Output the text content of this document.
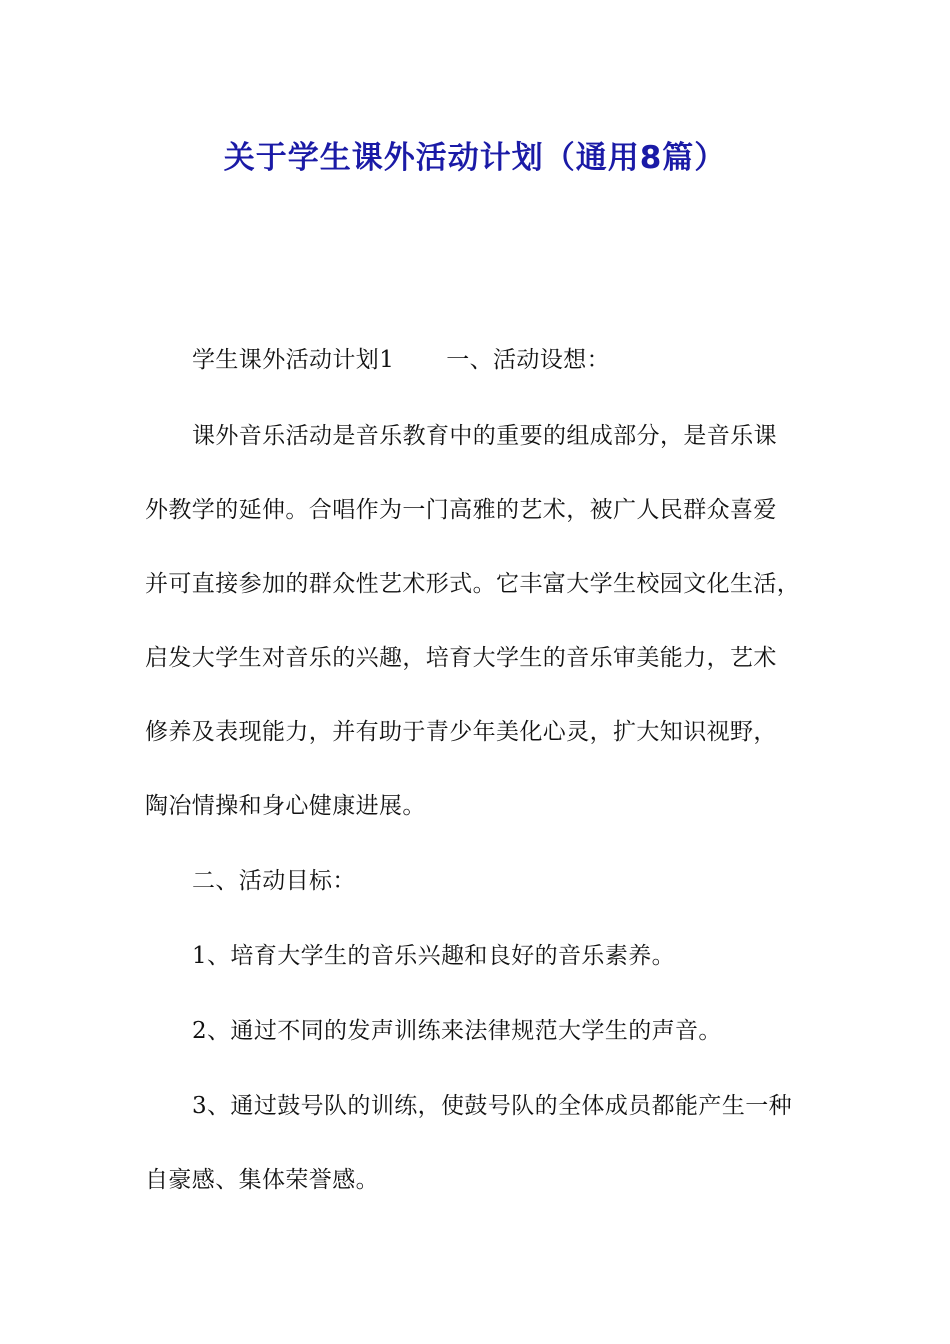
关于学生课外活动计划（通用8篇）
学生课外活动计划1 一、活动设想：
课外音乐活动是音乐教育中的重要的组成部分，是音乐课
外教学的延伸。合唱作为一门高雅的艺术，被广人民群众喜爱
并可直接参加的群众性艺术形式。它丰富大学生校园文化生活，
启发大学生对音乐的兴趣，培育大学生的音乐审美能力，艺术
修养及表现能力，并有助于青少年美化心灵，扩大知识视野，
陶冶情操和身心健康进展。
二、活动目标：
1、培育大学生的音乐兴趣和良好的音乐素养。
2、通过不同的发声训练来法律规范大学生的声音。
3、通过鼓号队的训练，使鼓号队的全体成员都能产生一种
自豪感、集体荣誉感。
